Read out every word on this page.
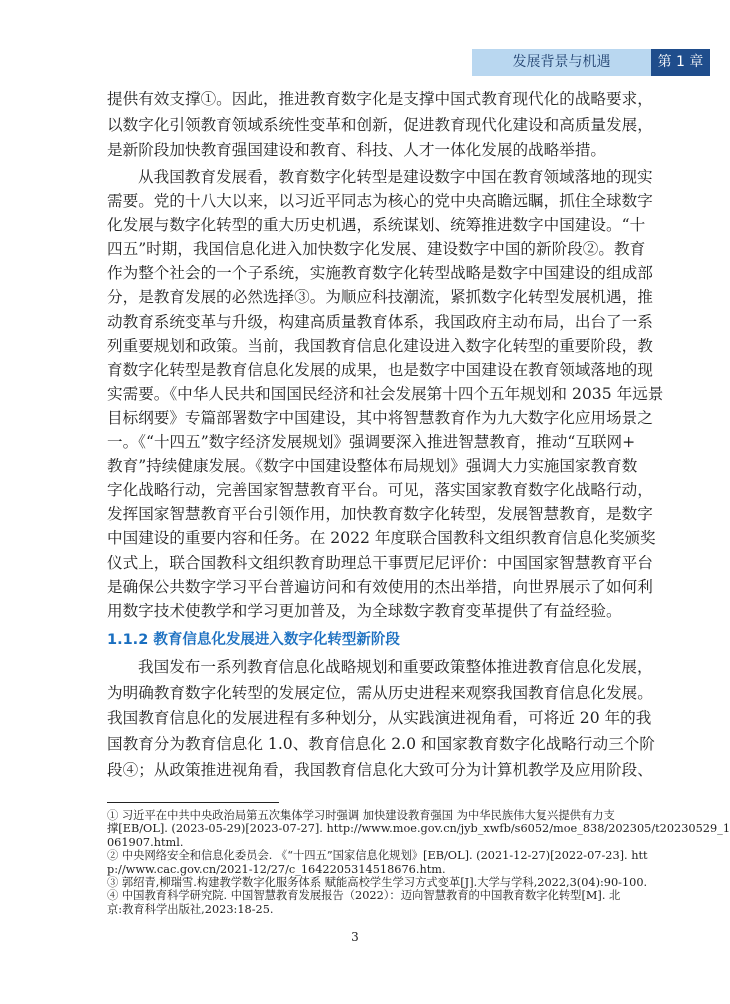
发展背景与机遇	第 1 章
提供有效支撑①。因此，推进教育数字化是支撑中国式教育现代化的战略要求，
以数字化引领教育领域系统性变革和创新，促进教育现代化建设和高质量发展，
是新阶段加快教育强国建设和教育、科技、人才一体化发展的战略举措。
从我国教育发展看，教育数字化转型是建设数字中国在教育领域落地的现实
需要。党的十八大以来，以习近平同志为核心的党中央高瞻远瞩，抓住全球数字
化发展与数字化转型的重大历史机遇，系统谋划、统筹推进数字中国建设。“十
四五”时期，我国信息化进入加快数字化发展、建设数字中国的新阶段②。教育
作为整个社会的一个子系统，实施教育数字化转型战略是数字中国建设的组成部
分，是教育发展的必然选择③。为顺应科技潮流，紧抓数字化转型发展机遇，推
动教育系统变革与升级，构建高质量教育体系，我国政府主动布局，出台了一系
列重要规划和政策。当前，我国教育信息化建设进入数字化转型的重要阶段，教
育数字化转型是教育信息化发展的成果，也是数字中国建设在教育领域落地的现
实需要。《中华人民共和国国民经济和社会发展第十四个五年规划和 2035 年远景
目标纲要》专篇部署数字中国建设，其中将智慧教育作为九大数字化应用场景之
一。《“十四五”数字经济发展规划》强调要深入推进智慧教育，推动“互联网+
教育”持续健康发展。《数字中国建设整体布局规划》强调大力实施国家教育数
字化战略行动，完善国家智慧教育平台。可见，落实国家教育数字化战略行动，
发挥国家智慧教育平台引领作用，加快教育数字化转型，发展智慧教育，是数字
中国建设的重要内容和任务。在 2022 年度联合国教科文组织教育信息化奖颁奖
仪式上，联合国教科文组织教育助理总干事贾尼尼评价：中国国家智慧教育平台
是确保公共数字学习平台普遍访问和有效使用的杰出举措，向世界展示了如何利
用数字技术使教学和学习更加普及，为全球数字教育变革提供了有益经验。
1.1.2 教育信息化发展进入数字化转型新阶段
我国发布一系列教育信息化战略规划和重要政策整体推进教育信息化发展，
为明确教育数字化转型的发展定位，需从历史进程来观察我国教育信息化发展。
我国教育信息化的发展进程有多种划分，从实践演进视角看，可将近 20 年的我
国教育分为教育信息化 1.0、教育信息化 2.0 和国家教育数字化战略行动三个阶
段④；从政策推进视角看，我国教育信息化大致可分为计算机教学及应用阶段、
① 习近平在中共中央政治局第五次集体学习时强调 加快建设教育强国 为中华民族伟大复兴提供有力支
撑[EB/OL]. (2023-05-29)[2023-07-27]. http://www.moe.gov.cn/jyb_xwfb/s6052/moe_838/202305/t20230529_1
061907.html.
② 中央网络安全和信息化委员会. 《“十四五”国家信息化规划》[EB/OL]. (2021-12-27)[2022-07-23]. htt
p://www.cac.gov.cn/2021-12/27/c_1642205314518676.htm.
③ 郭绍青,柳瑞雪.构建教学数字化服务体系 赋能高校学生学习方式变革[J].大学与学科,2022,3(04):90-100.
④ 中国教育科学研究院. 中国智慧教育发展报告（2022）：迈向智慧教育的中国教育数字化转型[M]. 北
京:教育科学出版社,2023:18-25.
3
